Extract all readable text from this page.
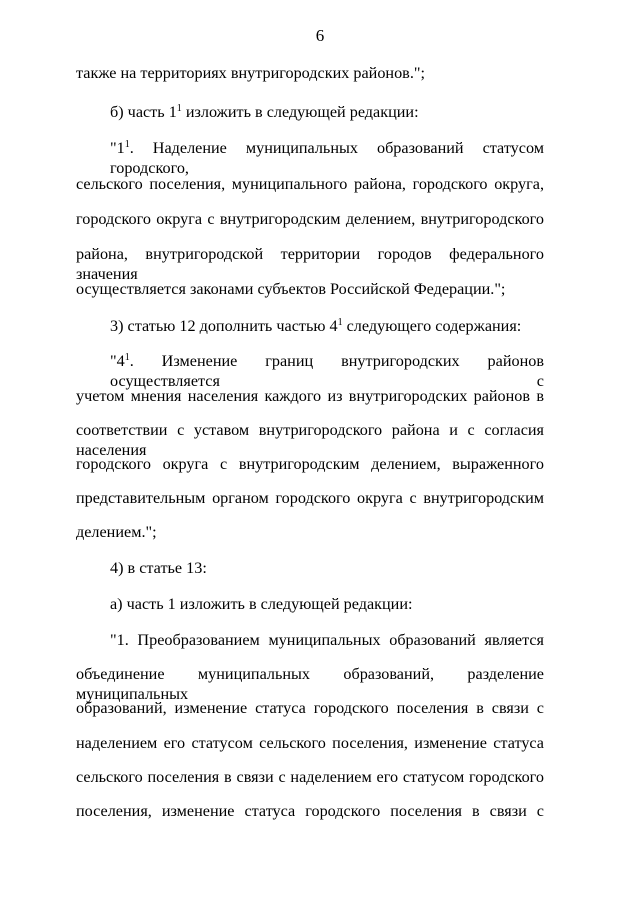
6
также на территориях внутригородских районов.";
б) часть $1^1$ изложить в следующей редакции:
"$1^1$. Наделение муниципальных образований статусом городского,
сельского поселения, муниципального района, городского округа,
городского округа с внутригородским делением, внутригородского
района, внутригородской территории городов федерального значения
осуществляется законами субъектов Российской Федерации.";
3) статью 12 дополнить частью $4^1$ следующего содержания:
"$4^1$. Изменение границ внутригородских районов осуществляется с
учетом мнения населения каждого из внутригородских районов в
соответствии с уставом внутригородского района и с согласия населения
городского округа с внутригородским делением, выраженного
представительным органом городского округа с внутригородским
делением.";
4) в статье 13:
а) часть 1 изложить в следующей редакции:
"1. Преобразованием муниципальных образований является
объединение муниципальных образований, разделение муниципальных
образований, изменение статуса городского поселения в связи с
наделением его статусом сельского поселения, изменение статуса
сельского поселения в связи с наделением его статусом городского
поселения, изменение статуса городского поселения в связи с
